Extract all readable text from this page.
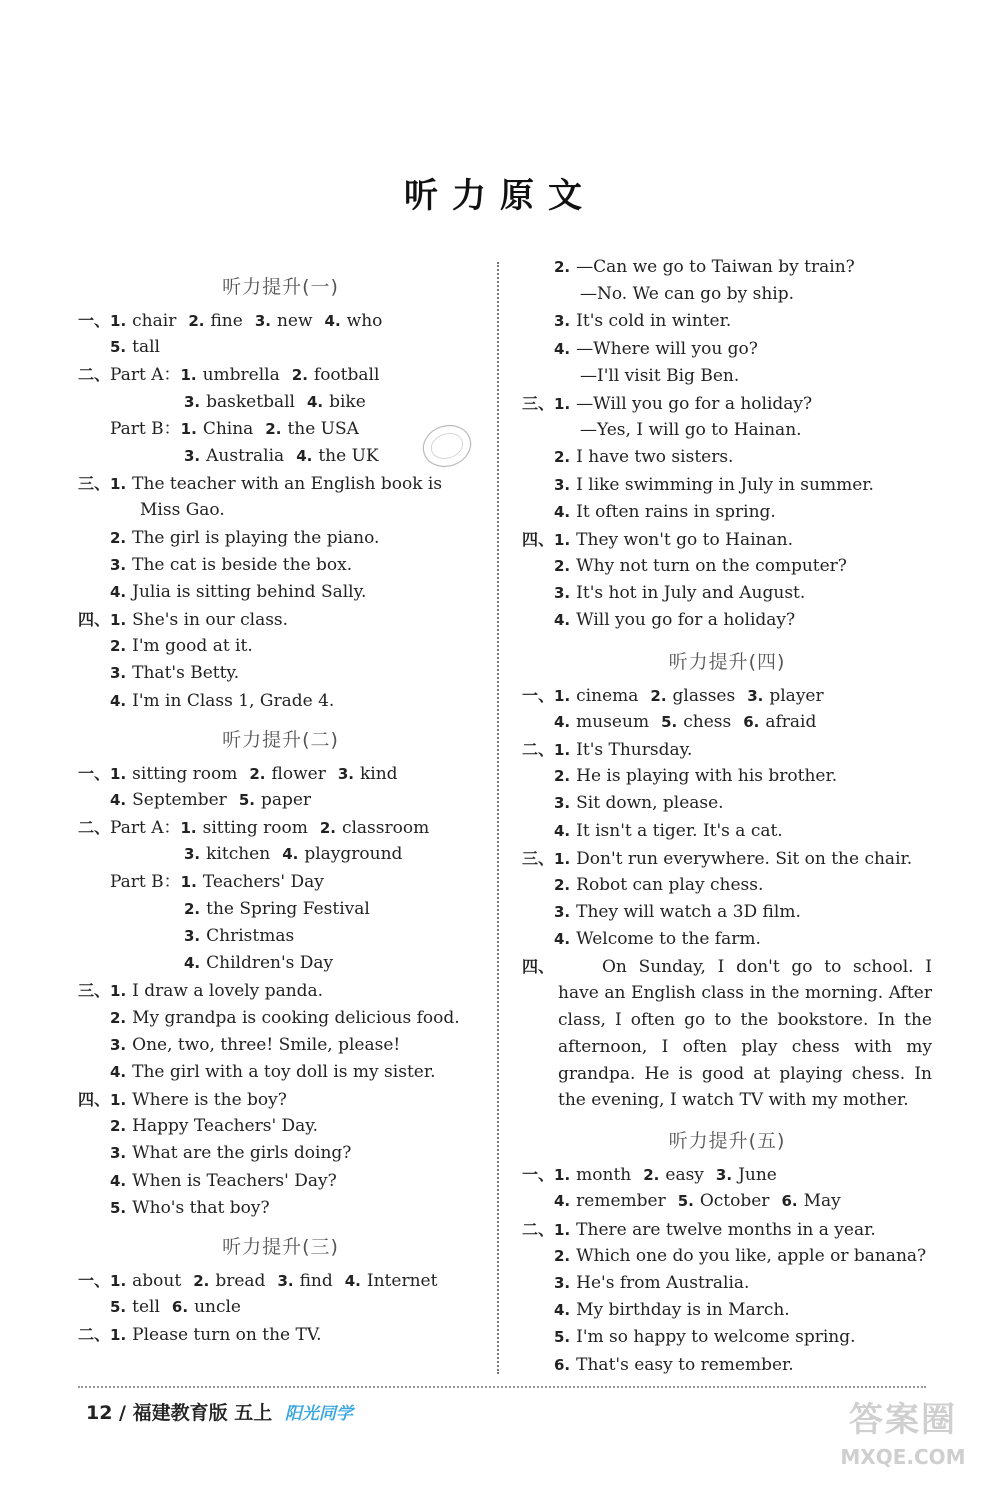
听力原文
听力提升(一)
一、1. chair 2. fine 3. new 4. who
5. tall
二、Part A：1. umbrella 2. football
3. basketball 4. bike
Part B：1. China 2. the USA
3. Australia 4. the UK
三、1. The teacher with an English book is
Miss Gao.
2. The girl is playing the piano.
3. The cat is beside the box.
4. Julia is sitting behind Sally.
四、1. She's in our class.
2. I'm good at it.
3. That's Betty.
4. I'm in Class 1, Grade 4.
听力提升(二)
一、1. sitting room 2. flower 3. kind
4. September 5. paper
二、Part A：1. sitting room 2. classroom
3. kitchen 4. playground
Part B：1. Teachers' Day
2. the Spring Festival
3. Christmas
4. Children's Day
三、1. I draw a lovely panda.
2. My grandpa is cooking delicious food.
3. One, two, three! Smile, please!
4. The girl with a toy doll is my sister.
四、1. Where is the boy?
2. Happy Teachers' Day.
3. What are the girls doing?
4. When is Teachers' Day?
5. Who's that boy?
听力提升(三)
一、1. about 2. bread 3. find 4. Internet
5. tell 6. uncle
二、1. Please turn on the TV.
2. —Can we go to Taiwan by train?
—No. We can go by ship.
3. It's cold in winter.
4. —Where will you go?
—I'll visit Big Ben.
三、1. —Will you go for a holiday?
—Yes, I will go to Hainan.
2. I have two sisters.
3. I like swimming in July in summer.
4. It often rains in spring.
四、1. They won't go to Hainan.
2. Why not turn on the computer?
3. It's hot in July and August.
4. Will you go for a holiday?
听力提升(四)
一、1. cinema 2. glasses 3. player
4. museum 5. chess 6. afraid
二、1. It's Thursday.
2. He is playing with his brother.
3. Sit down, please.
4. It isn't a tiger. It's a cat.
三、1. Don't run everywhere. Sit on the chair.
2. Robot can play chess.
3. They will watch a 3D film.
4. Welcome to the farm.
四、	On Sunday, I don't go to school. I have an English class in the morning. After class, I often go to the bookstore. In the afternoon, I often play chess with my grandpa. He is good at playing chess. In the evening, I watch TV with my mother.
听力提升(五)
一、1. month 2. easy 3. June
4. remember 5. October 6. May
二、1. There are twelve months in a year.
2. Which one do you like, apple or banana?
3. He's from Australia.
4. My birthday is in March.
5. I'm so happy to welcome spring.
6. That's easy to remember.
12 / 福建教育版 五上 阳光同学	答案圈
MXQE.COM
